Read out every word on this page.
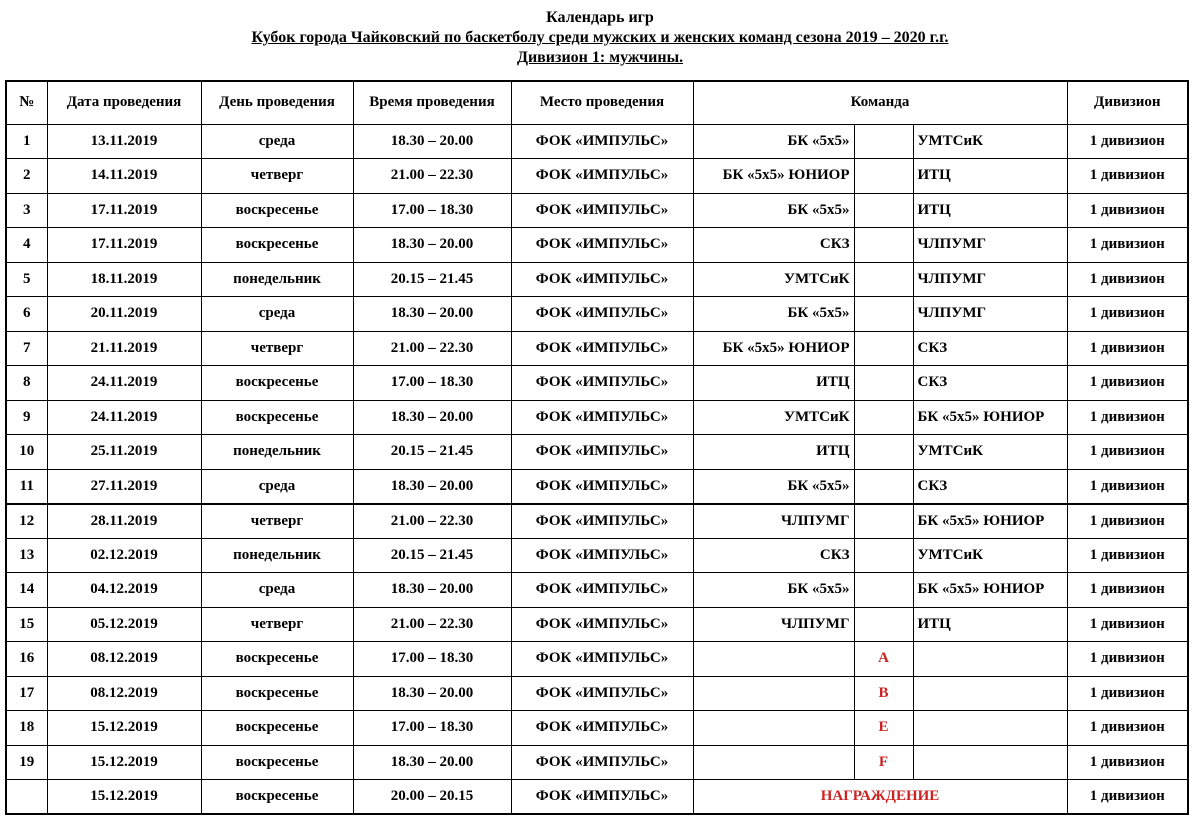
Календарь игр
Кубок города Чайковский по баскетболу среди мужских и женских команд сезона 2019 – 2020 г.г.
Дивизион 1: мужчины.
№	Дата проведения	День проведения	Время проведения	Место проведения	Команда			Дивизион
1	13.11.2019	среда	18.30 – 20.00	ФОК «ИМПУЛЬС»	БК «5x5»		УМТСиК	1 дивизион
2	14.11.2019	четверг	21.00 – 22.30	ФОК «ИМПУЛЬС»	БК «5x5» ЮНИОР		ИТЦ	1 дивизион
3	17.11.2019	воскресенье	17.00 – 18.30	ФОК «ИМПУЛЬС»	БК «5x5»		ИТЦ	1 дивизион
4	17.11.2019	воскресенье	18.30 – 20.00	ФОК «ИМПУЛЬС»	СКЗ		ЧЛПУМГ	1 дивизион
5	18.11.2019	понедельник	20.15 – 21.45	ФОК «ИМПУЛЬС»	УМТСиК		ЧЛПУМГ	1 дивизион
6	20.11.2019	среда	18.30 – 20.00	ФОК «ИМПУЛЬС»	БК «5x5»		ЧЛПУМГ	1 дивизион
7	21.11.2019	четверг	21.00 – 22.30	ФОК «ИМПУЛЬС»	БК «5x5» ЮНИОР		СКЗ	1 дивизион
8	24.11.2019	воскресенье	17.00 – 18.30	ФОК «ИМПУЛЬС»	ИТЦ		СКЗ	1 дивизион
9	24.11.2019	воскресенье	18.30 – 20.00	ФОК «ИМПУЛЬС»	УМТСиК		БК «5x5» ЮНИОР	1 дивизион
10	25.11.2019	понедельник	20.15 – 21.45	ФОК «ИМПУЛЬС»	ИТЦ		УМТСиК	1 дивизион
11	27.11.2019	среда	18.30 – 20.00	ФОК «ИМПУЛЬС»	БК «5x5»		СКЗ	1 дивизион
12	28.11.2019	четверг	21.00 – 22.30	ФОК «ИМПУЛЬС»	ЧЛПУМГ		БК «5x5» ЮНИОР	1 дивизион
13	02.12.2019	понедельник	20.15 – 21.45	ФОК «ИМПУЛЬС»	СКЗ		УМТСиК	1 дивизион
14	04.12.2019	среда	18.30 – 20.00	ФОК «ИМПУЛЬС»	БК «5x5»		БК «5x5» ЮНИОР	1 дивизион
15	05.12.2019	четверг	21.00 – 22.30	ФОК «ИМПУЛЬС»	ЧЛПУМГ		ИТЦ	1 дивизион
16	08.12.2019	воскресенье	17.00 – 18.30	ФОК «ИМПУЛЬС»		A		1 дивизион
17	08.12.2019	воскресенье	18.30 – 20.00	ФОК «ИМПУЛЬС»		B		1 дивизион
18	15.12.2019	воскресенье	17.00 – 18.30	ФОК «ИМПУЛЬС»		E		1 дивизион
19	15.12.2019	воскресенье	18.30 – 20.00	ФОК «ИМПУЛЬС»		F		1 дивизион
	15.12.2019	воскресенье	20.00 – 20.15	ФОК «ИМПУЛЬС»	НАГРАЖДЕНИЕ			1 дивизион
